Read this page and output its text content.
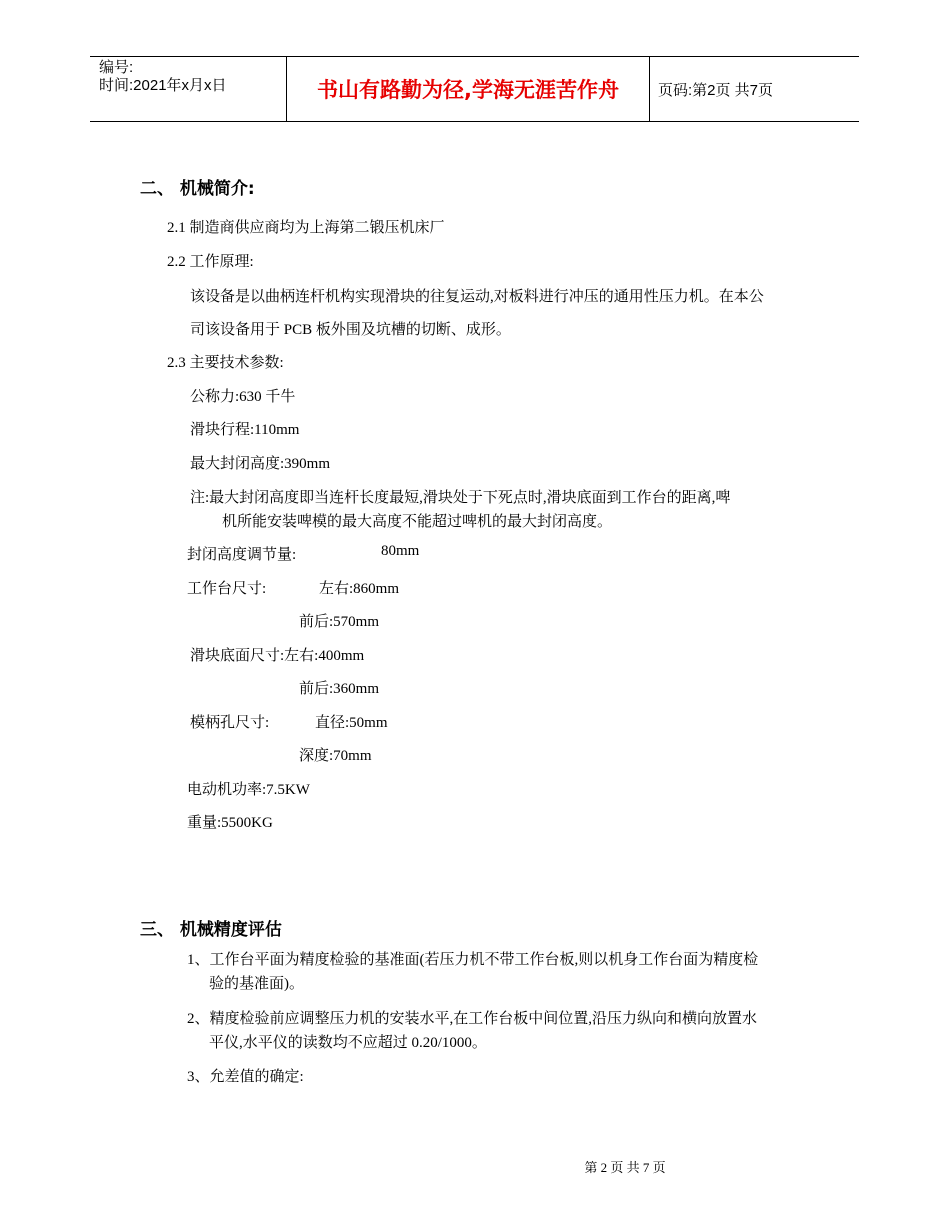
编号:
时间:2021年x月x日	书山有路勤为径,学海无涯苦作舟	页码:第2页 共7页
二、 机械简介:
2.1 制造商供应商均为上海第二锻压机床厂
2.2 工作原理:
该设备是以曲柄连杆机构实现滑块的往复运动,对板料进行冲压的通用性压力机。在本公
司该设备用于 PCB 板外围及坑槽的切断、成形。
2.3 主要技术参数:
公称力:630 千牛
滑块行程:110mm
最大封闭高度:390mm
注:最大封闭高度即当连杆长度最短,滑块处于下死点时,滑块底面到工作台的距离,啤
机所能安装啤模的最大高度不能超过啤机的最大封闭高度。
封闭高度调节量:	80mm
工作台尺寸:	左右:860mm
前后:570mm
滑块底面尺寸:左右:400mm
前后:360mm
模柄孔尺寸:	直径:50mm
深度:70mm
电动机功率:7.5KW
重量:5500KG
三、 机械精度评估
1、工作台平面为精度检验的基准面(若压力机不带工作台板,则以机身工作台面为精度检
验的基准面)。
2、精度检验前应调整压力机的安装水平,在工作台板中间位置,沿压力纵向和横向放置水
平仪,水平仪的读数均不应超过 0.20/1000。
3、允差值的确定:
第 2 页 共 7 页
